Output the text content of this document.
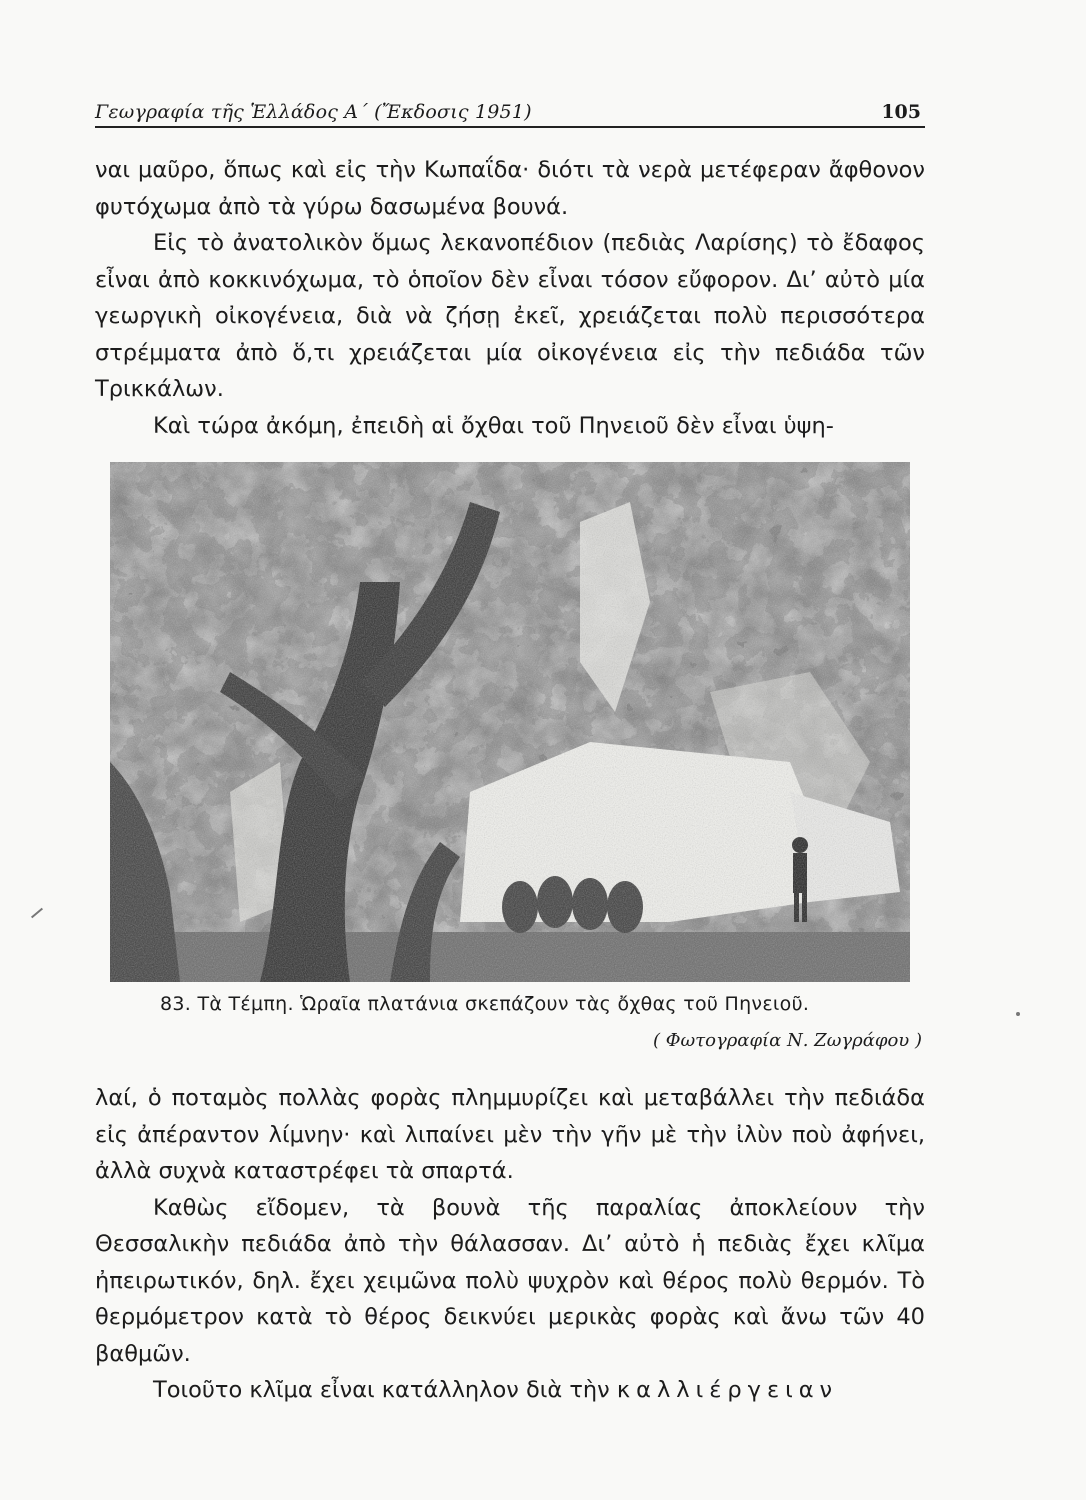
Γεωγραφία τῆς Ἑλλάδος Α΄ (Ἔκδοσις 1951)	105

ναι μαῦρο, ὅπως καὶ εἰς τὴν Κωπαΐδα· διότι τὰ νερὰ μετέφεραν ἄφθονον φυτόχωμα ἀπὸ τὰ γύρω δασωμένα βουνά.

Εἰς τὸ ἀνατολικὸν ὅμως λεκανοπέδιον (πεδιὰς Λαρίσης) τὸ ἔδαφος εἶναι ἀπὸ κοκκινόχωμα, τὸ ὁποῖον δὲν εἶναι τόσον εὔφορον. Δι’ αὐτὸ μία γεωργικὴ οἰκογένεια, διὰ νὰ ζήσῃ ἐκεῖ, χρειάζεται πολὺ περισσότερα στρέμματα ἀπὸ ὅ,τι χρειάζεται μία οἰκογένεια εἰς τὴν πεδιάδα τῶν Τρικκάλων.

Καὶ τώρα ἀκόμη, ἐπειδὴ αἱ ὄχθαι τοῦ Πηνειοῦ δὲν εἶναι ὑψη-

83. Τὰ Τέμπη. Ὡραῖα πλατάνια σκεπάζουν τὰς ὄχθας τοῦ Πηνειοῦ.
( Φωτογραφία Ν. Ζωγράφου )

λαί, ὁ ποταμὸς πολλὰς φορὰς πλημμυρίζει καὶ μεταβάλλει τὴν πεδιάδα εἰς ἀπέραντον λίμνην· καὶ λιπαίνει μὲν τὴν γῆν μὲ τὴν ἰλὺν ποὺ ἀφήνει, ἀλλὰ συχνὰ καταστρέφει τὰ σπαρτά.

Καθὼς εἴδομεν, τὰ βουνὰ τῆς παραλίας ἀποκλείουν τὴν Θεσσαλικὴν πεδιάδα ἀπὸ τὴν θάλασσαν. Δι’ αὐτὸ ἡ πεδιὰς ἔχει κλῖμα ἠπειρωτικόν, δηλ. ἔχει χειμῶνα πολὺ ψυχρὸν καὶ θέρος πολὺ θερμόν. Τὸ θερμόμετρον κατὰ τὸ θέρος δεικνύει μερικὰς φορὰς καὶ ἄνω τῶν 40 βαθμῶν.

Τοιοῦτο κλῖμα εἶναι κατάλληλον διὰ τὴν καλλιέργειαν
